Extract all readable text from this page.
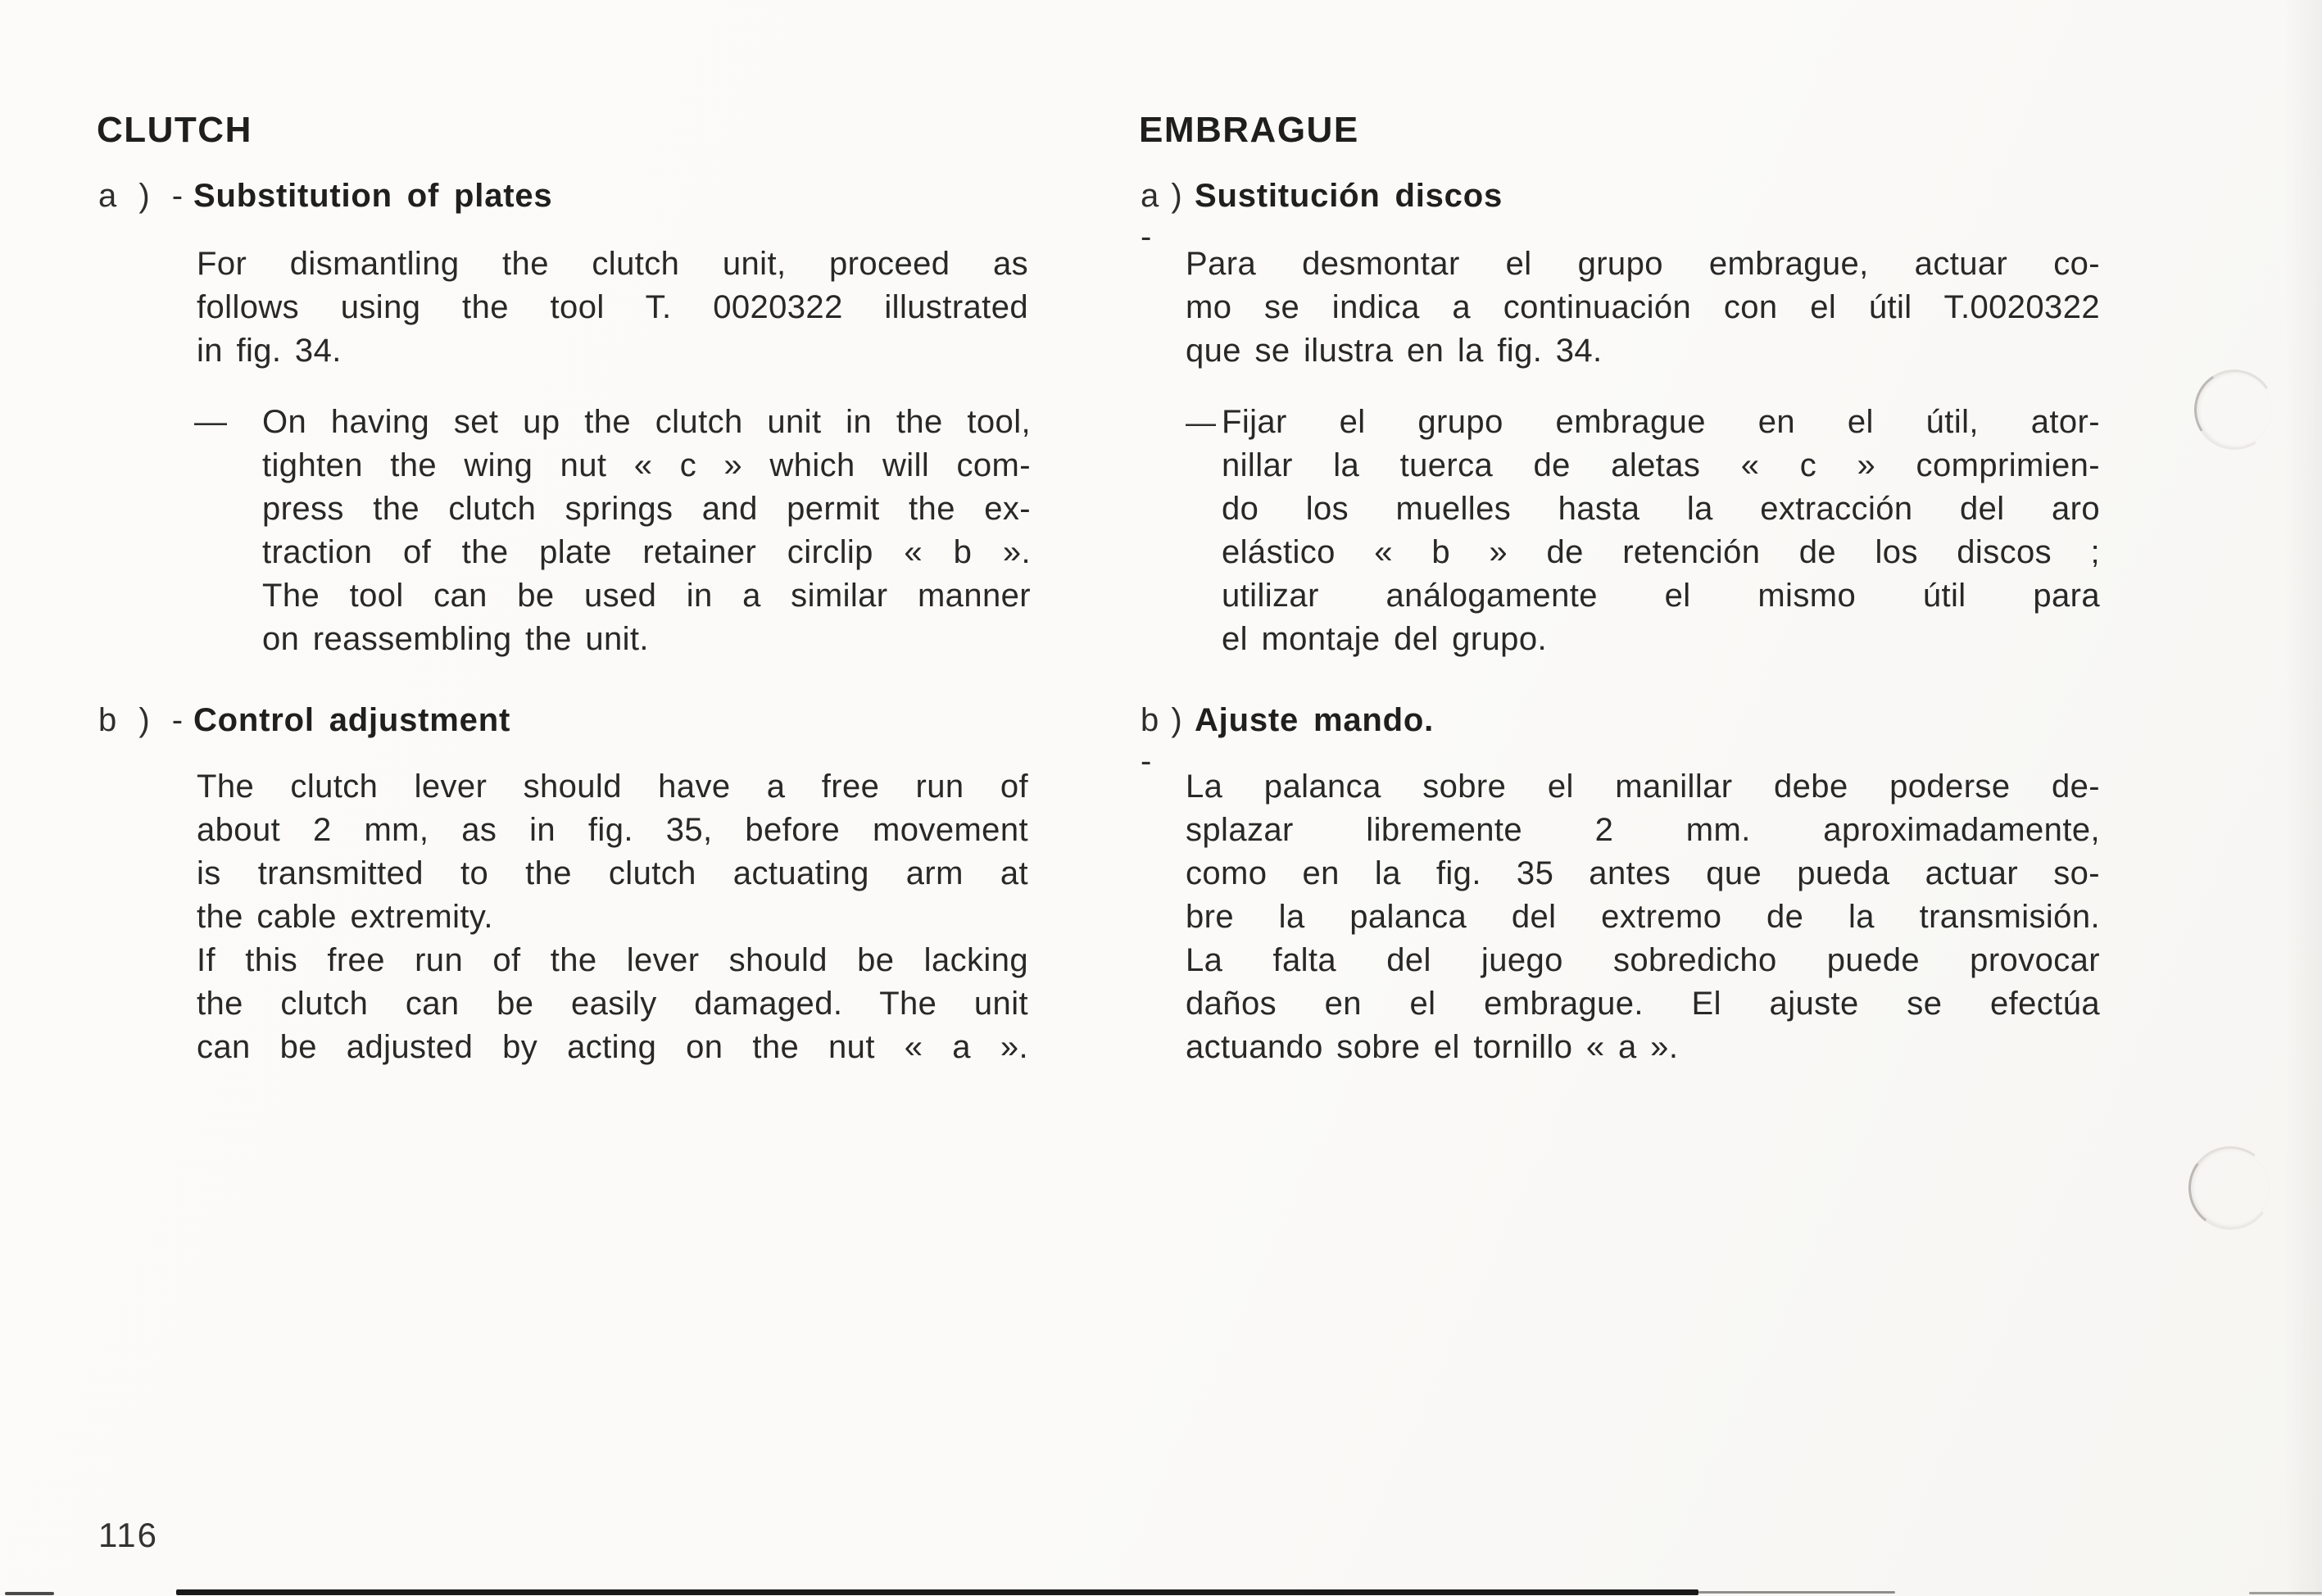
CLUTCH
a ) - Substitution of plates
For dismantling the clutch unit, proceed as
follows using the tool T. 0020322 illustrated
in fig. 34.
—	On having set up the clutch unit in the tool,
tighten the wing nut « c » which will com-
press the clutch springs and permit the ex-
traction of the plate retainer circlip « b ».
The tool can be used in a similar manner
on reassembling the unit.
b ) - Control adjustment
The clutch lever should have a free run of
about 2 mm, as in fig. 35, before movement
is transmitted to the clutch actuating arm at
the cable extremity.
If this free run of the lever should be lacking
the clutch can be easily damaged. The unit
can be adjusted by acting on the nut « a ».
EMBRAGUE
a ) -
Sustitución discos
Para desmontar el grupo embrague, actuar co-
mo se indica a continuación con el útil T.0020322
que se ilustra en la fig. 34.
— Fijar el grupo embrague en el útil, ator-
nillar la tuerca de aletas « c » comprimien-
do los muelles hasta la extracción del aro
elástico « b » de retención de los discos ;
utilizar análogamente el mismo útil para
el montaje del grupo.
b ) -
Ajuste mando.
La palanca sobre el manillar debe poderse de-
splazar libremente 2 mm. aproximadamente,
como en la fig. 35 antes que pueda actuar so-
bre la palanca del extremo de la transmisión.
La falta del juego sobredicho puede provocar
daños en el embrague. El ajuste se efectúa
actuando sobre el tornillo « a ».
116
